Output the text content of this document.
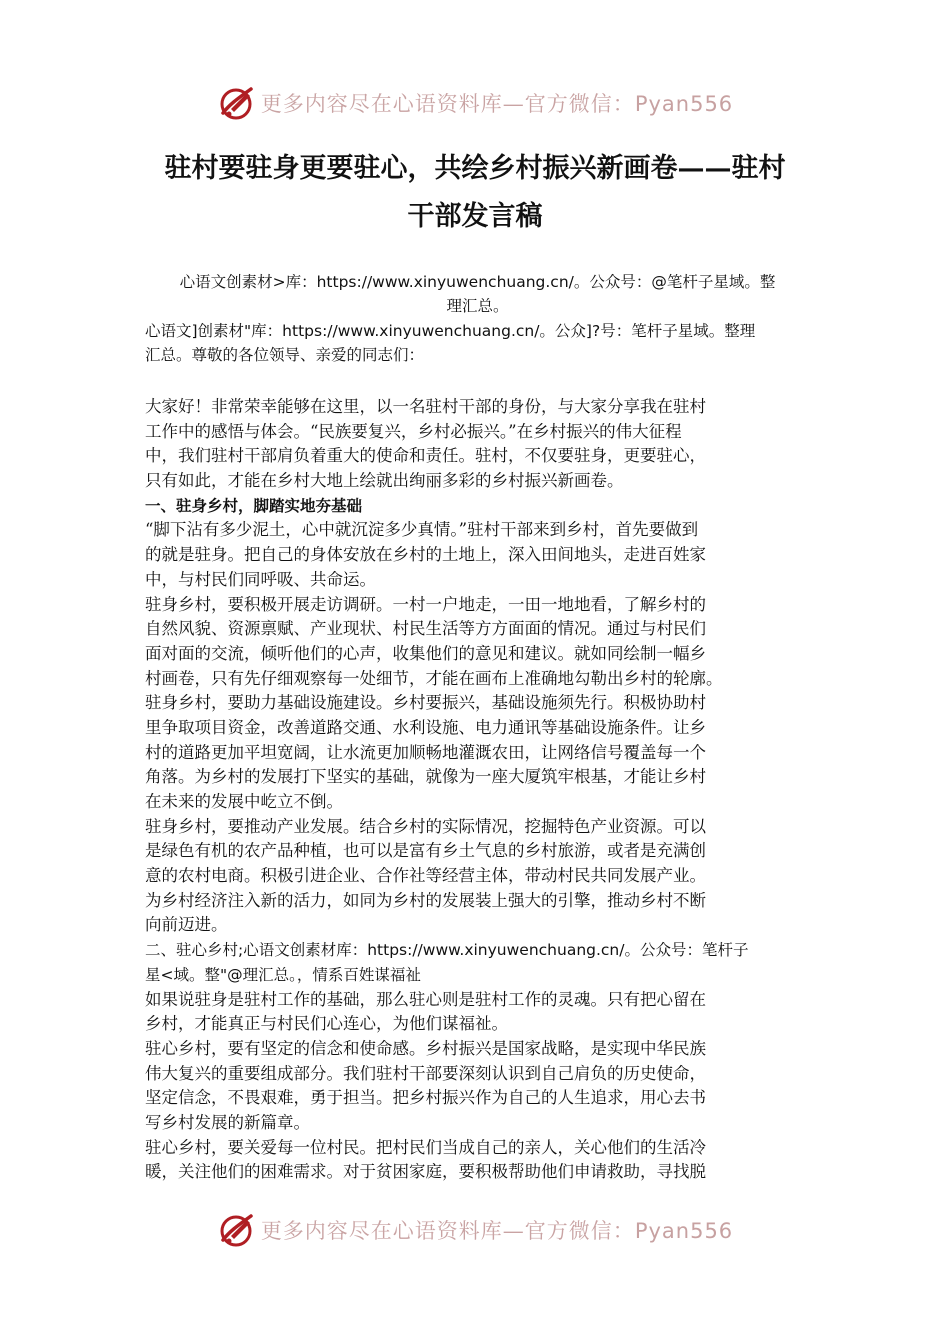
更多内容尽在心语资料库—官方微信：Pyan556
驻村要驻身更要驻心，共绘乡村振兴新画卷——驻村
干部发言稿
心语文创素材>库：https://www.xinyuwenchuang.cn/。公众号：@笔杆子星域。整
理汇总。
心语文]创素材"库：https://www.xinyuwenchuang.cn/。公众]?号：笔杆子星域。整理
汇总。尊敬的各位领导、亲爱的同志们：
大家好！非常荣幸能够在这里，以一名驻村干部的身份，与大家分享我在驻村
工作中的感悟与体会。“民族要复兴，乡村必振兴。”在乡村振兴的伟大征程
中，我们驻村干部肩负着重大的使命和责任。驻村，不仅要驻身，更要驻心，
只有如此，才能在乡村大地上绘就出绚丽多彩的乡村振兴新画卷。
一、驻身乡村，脚踏实地夯基础
“脚下沾有多少泥土，心中就沉淀多少真情。”驻村干部来到乡村，首先要做到
的就是驻身。把自己的身体安放在乡村的土地上，深入田间地头，走进百姓家
中，与村民们同呼吸、共命运。
驻身乡村，要积极开展走访调研。一村一户地走，一田一地地看，了解乡村的
自然风貌、资源禀赋、产业现状、村民生活等方方面面的情况。通过与村民们
面对面的交流，倾听他们的心声，收集他们的意见和建议。就如同绘制一幅乡
村画卷，只有先仔细观察每一处细节，才能在画布上准确地勾勒出乡村的轮廓。
驻身乡村，要助力基础设施建设。乡村要振兴，基础设施须先行。积极协助村
里争取项目资金，改善道路交通、水利设施、电力通讯等基础设施条件。让乡
村的道路更加平坦宽阔，让水流更加顺畅地灌溉农田，让网络信号覆盖每一个
角落。为乡村的发展打下坚实的基础，就像为一座大厦筑牢根基，才能让乡村
在未来的发展中屹立不倒。
驻身乡村，要推动产业发展。结合乡村的实际情况，挖掘特色产业资源。可以
是绿色有机的农产品种植，也可以是富有乡土气息的乡村旅游，或者是充满创
意的农村电商。积极引进企业、合作社等经营主体，带动村民共同发展产业。
为乡村经济注入新的活力，如同为乡村的发展装上强大的引擎，推动乡村不断
向前迈进。
二、驻心乡村;心语文创素材库：https://www.xinyuwenchuang.cn/。公众号：笔杆子
星<域。整"@理汇总。，情系百姓谋福祉
如果说驻身是驻村工作的基础，那么驻心则是驻村工作的灵魂。只有把心留在
乡村，才能真正与村民们心连心，为他们谋福祉。
驻心乡村，要有坚定的信念和使命感。乡村振兴是国家战略，是实现中华民族
伟大复兴的重要组成部分。我们驻村干部要深刻认识到自己肩负的历史使命，
坚定信念，不畏艰难，勇于担当。把乡村振兴作为自己的人生追求，用心去书
写乡村发展的新篇章。
驻心乡村，要关爱每一位村民。把村民们当成自己的亲人，关心他们的生活冷
暖，关注他们的困难需求。对于贫困家庭，要积极帮助他们申请救助，寻找脱
更多内容尽在心语资料库—官方微信：Pyan556
